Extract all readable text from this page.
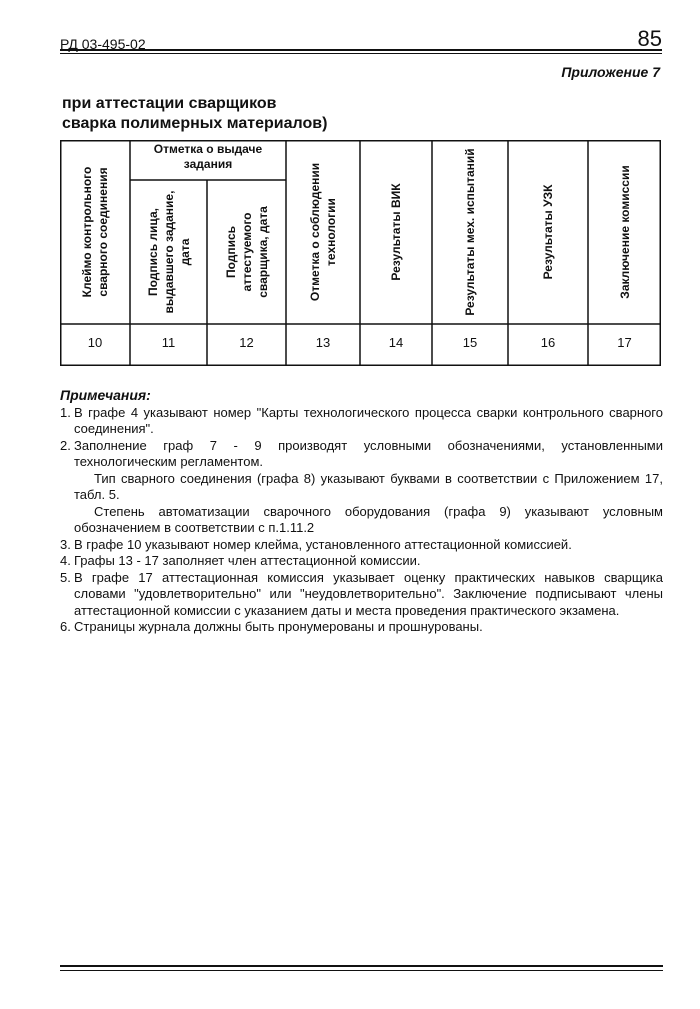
РД 03-495-02	85
Приложение 7
при аттестации сварщиков
сварка полимерных материалов)
Отметка о выдаче
задания
Клеймо контрольного сварного соединения	Подпись лица, выдавшего задание, дата	Подпись аттестуемого сварщика, дата	Отметка о соблюдении технологии	Результаты ВИК	Результаты мех. испытаний	Результаты УЗК	Заключение комиссии
10	11	12	13	14	15	16	17
Примечания:
1. В графе 4 указывают номер "Карты технологического процесса сварки контрольного сварного соединения".
2. Заполнение граф 7 - 9 производят условными обозначениями, установленными технологическим регламентом.
Тип сварного соединения (графа 8) указывают буквами в соответствии с Приложением 17, табл. 5.
Степень автоматизации сварочного оборудования (графа 9) указывают условным обозначением в соответствии с п.1.11.2
3. В графе 10 указывают номер клейма, установленного аттестационной комиссией.
4. Графы 13 - 17 заполняет член аттестационной комиссии.
5. В графе 17 аттестационная комиссия указывает оценку практических навыков сварщика словами "удовлетворительно" или "неудовлетворительно". Заключение подписывают члены аттестационной комиссии с указанием даты и места проведения практического экзамена.
6. Страницы журнала должны быть пронумерованы и прошнурованы.
